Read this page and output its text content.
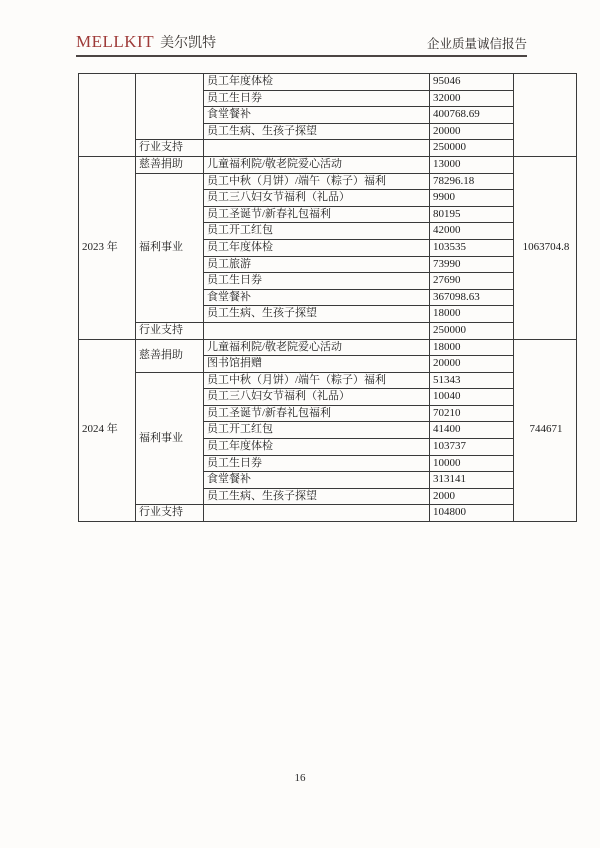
MELLKIT 美尔凯特	企业质量诚信报告
		员工年度体检	95046	
		员工生日券	32000	
		食堂餐补	400768.69	
		员工生病、生孩子探望	20000	
	行业支持		250000	
2023 年	慈善捐助	儿童福利院/敬老院爱心活动	13000	1063704.8
	福利事业	员工中秋（月饼）/端午（粽子）福利	78296.18	
		员工三八妇女节福利（礼品）	9900	
		员工圣诞节/新春礼包福利	80195	
		员工开工红包	42000	
		员工年度体检	103535	
		员工旅游	73990	
		员工生日券	27690	
		食堂餐补	367098.63	
		员工生病、生孩子探望	18000	
	行业支持		250000	
2024 年	慈善捐助	儿童福利院/敬老院爱心活动	18000	744671
		图书馆捐赠	20000	
	福利事业	员工中秋（月饼）/端午（粽子）福利	51343	
		员工三八妇女节福利（礼品）	10040	
		员工圣诞节/新春礼包福利	70210	
		员工开工红包	41400	
		员工年度体检	103737	
		员工生日券	10000	
		食堂餐补	313141	
		员工生病、生孩子探望	2000	
	行业支持		104800	
16
